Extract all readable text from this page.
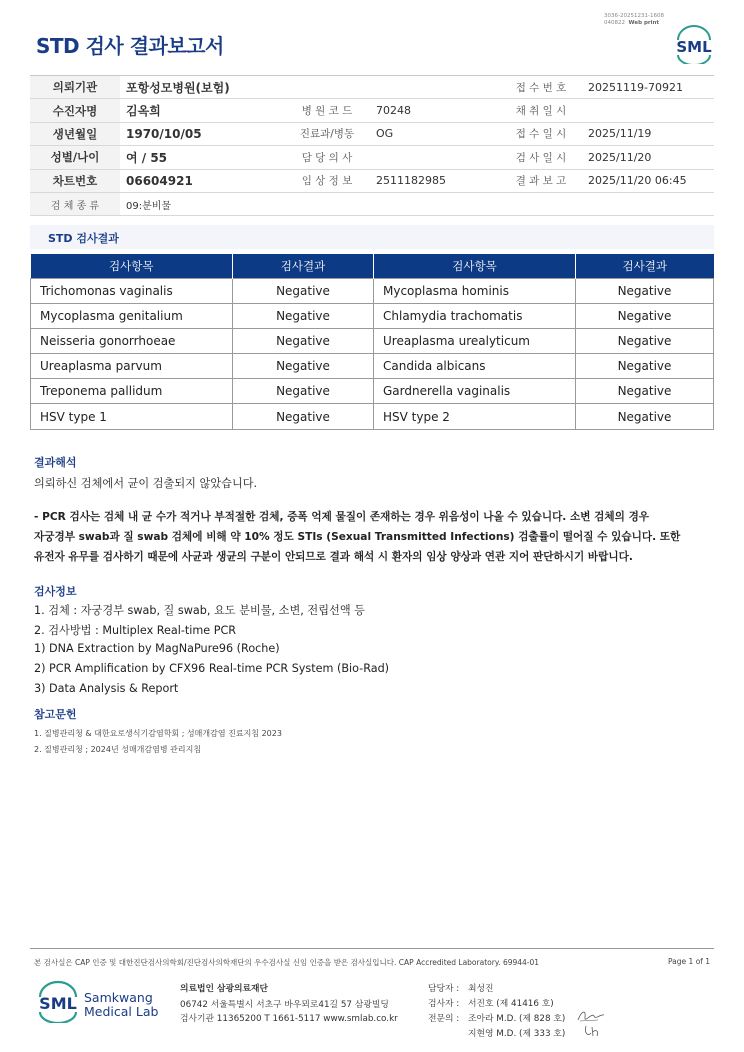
3036-20251231-1608
040822 Web print
STD 검사 결과보고서	SML
의뢰기관	포항성모병원(보험)			접 수 번 호	20251119-70921
수진자명	김옥희	병 원 코 드	70248	채 취 일 시	
생년월일	1970/10/05	진료과/병동	OG	접 수 일 시	2025/11/19
성별/나이	여 / 55	담 당 의 사		검 사 일 시	2025/11/20
차트번호	06604921	임 상 정 보	2511182985	결 과 보 고	2025/11/20 06:45
검 체 종 류	09:분비물				
STD 검사결과
검사항목	검사결과	검사항목	검사결과
Trichomonas vaginalis	Negative	Mycoplasma hominis	Negative
Mycoplasma genitalium	Negative	Chlamydia trachomatis	Negative
Neisseria gonorrhoeae	Negative	Ureaplasma urealyticum	Negative
Ureaplasma parvum	Negative	Candida albicans	Negative
Treponema pallidum	Negative	Gardnerella vaginalis	Negative
HSV type 1	Negative	HSV type 2	Negative
결과해석
의뢰하신 검체에서 균이 검출되지 않았습니다.
- PCR 검사는 검체 내 균 수가 적거나 부적절한 검체, 증폭 억제 물질이 존재하는 경우 위음성이 나올 수 있습니다. 소변 검체의 경우
자궁경부 swab과 질 swab 검체에 비해 약 10% 정도 STIs (Sexual Transmitted Infections) 검출률이 떨어질 수 있습니다. 또한
유전자 유무를 검사하기 때문에 사균과 생균의 구분이 안되므로 결과 해석 시 환자의 임상 양상과 연관 지어 판단하시기 바랍니다.
검사정보
1. 검체 : 자궁경부 swab, 질 swab, 요도 분비물, 소변, 전립선액 등
2. 검사방법 : Multiplex Real-time PCR
1) DNA Extraction by MagNaPure96 (Roche)
2) PCR Amplification by CFX96 Real-time PCR System (Bio-Rad)
3) Data Analysis & Report
참고문헌
1. 질병관리청 & 대한요로생식기감염학회 ; 성매개감염 진료지침 2023
2. 질병관리청 ; 2024년 성매개감염병 관리지침
본 검사실은 CAP 인증 및 대한진단검사의학회/진단검사의학재단의 우수검사실 신임 인증을 받은 검사실입니다. CAP Accredited Laboratory. 69944-01	Page 1 of 1
SML Samkwang
Medical Lab
의료법인 삼광의료재단
06742 서울특별시 서초구 바우뫼로41길 57 삼광빌딩
검사기관 11365200 T 1661-5117 www.smlab.co.kr
담당자 : 최성진
검사자 : 서진호 (제 41416 호)
전문의 : 조아라 M.D. (제 828 호)
지현영 M.D. (제 333 호)
